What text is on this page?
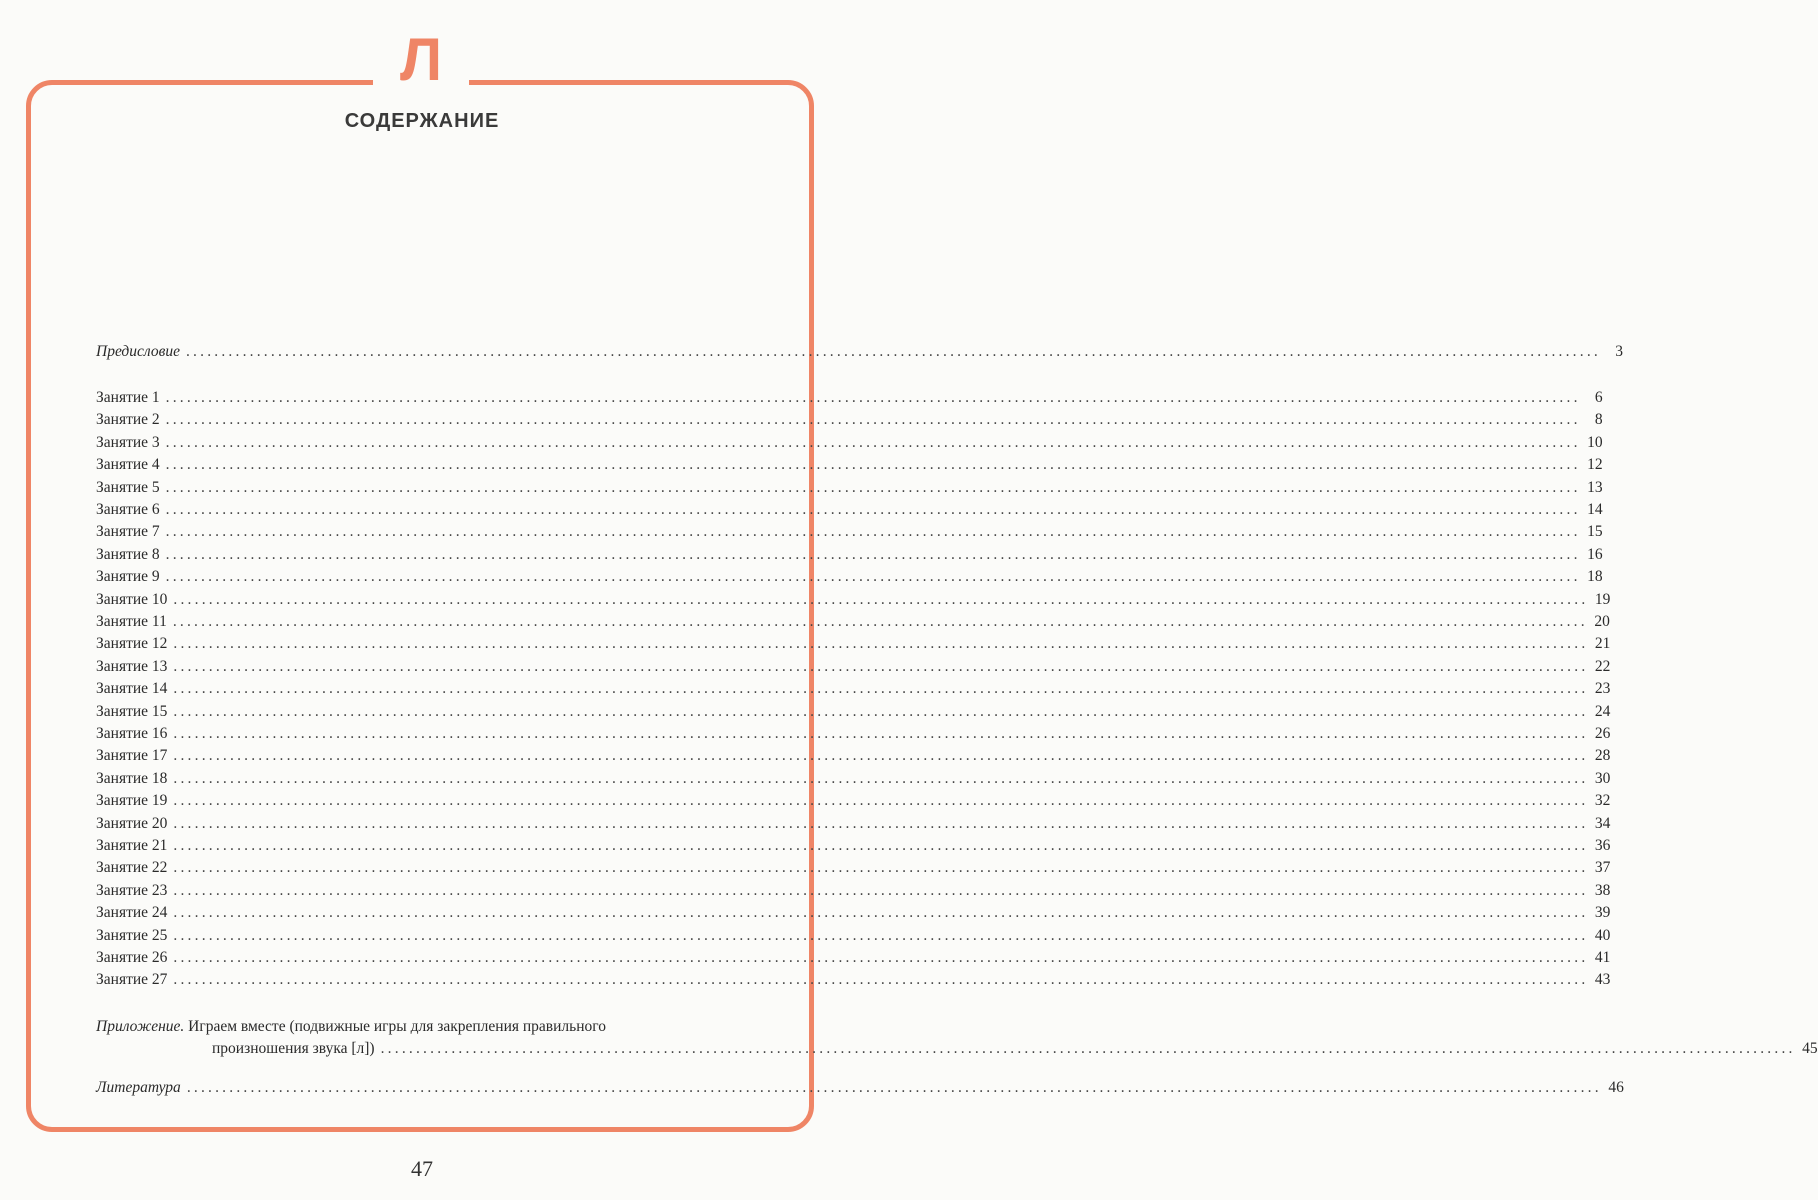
Л
СОДЕРЖАНИЕ
Предисловие ........................................................................................................................................................................................................ 3
Занятие 1 ........................................................................................................................................................................................................ 6
Занятие 2 ........................................................................................................................................................................................................ 8
Занятие 3 ........................................................................................................................................................................................................ 10
Занятие 4 ........................................................................................................................................................................................................ 12
Занятие 5 ........................................................................................................................................................................................................ 13
Занятие 6 ........................................................................................................................................................................................................ 14
Занятие 7 ........................................................................................................................................................................................................ 15
Занятие 8 ........................................................................................................................................................................................................ 16
Занятие 9 ........................................................................................................................................................................................................ 18
Занятие 10 ........................................................................................................................................................................................................ 19
Занятие 11 ........................................................................................................................................................................................................ 20
Занятие 12 ........................................................................................................................................................................................................ 21
Занятие 13 ........................................................................................................................................................................................................ 22
Занятие 14 ........................................................................................................................................................................................................ 23
Занятие 15 ........................................................................................................................................................................................................ 24
Занятие 16 ........................................................................................................................................................................................................ 26
Занятие 17 ........................................................................................................................................................................................................ 28
Занятие 18 ........................................................................................................................................................................................................ 30
Занятие 19 ........................................................................................................................................................................................................ 32
Занятие 20 ........................................................................................................................................................................................................ 34
Занятие 21 ........................................................................................................................................................................................................ 36
Занятие 22 ........................................................................................................................................................................................................ 37
Занятие 23 ........................................................................................................................................................................................................ 38
Занятие 24 ........................................................................................................................................................................................................ 39
Занятие 25 ........................................................................................................................................................................................................ 40
Занятие 26 ........................................................................................................................................................................................................ 41
Занятие 27 ........................................................................................................................................................................................................ 43
Приложение. Играем вместе (подвижные игры для закрепления правильного
произношения звука [л]) ........................................................................................................................................................................................................ 45
Литература ........................................................................................................................................................................................................ 46
47
